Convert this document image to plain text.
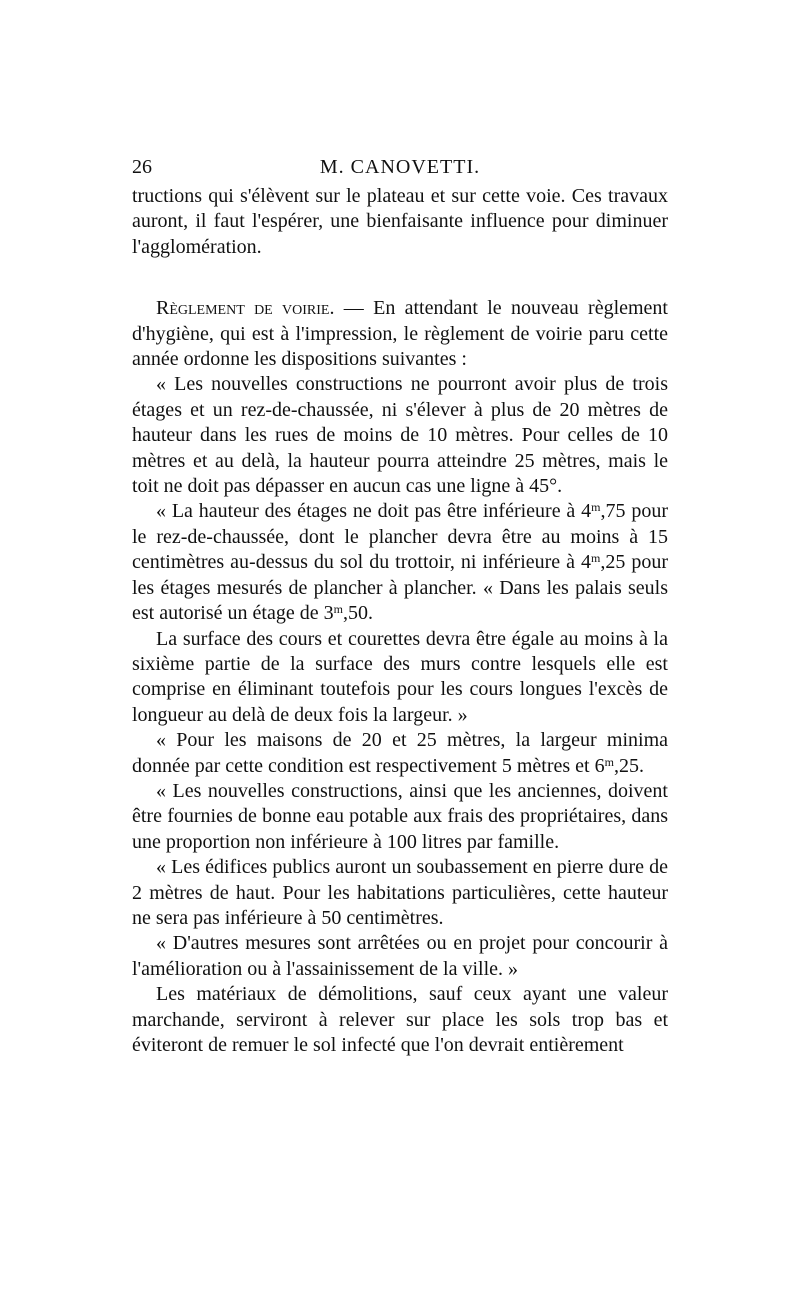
26	M. CANOVETTI.

tructions qui s'élèvent sur le plateau et sur cette voie. Ces travaux auront, il faut l'espérer, une bienfaisante influence pour diminuer l'agglomération.

Règlement de voirie. — En attendant le nouveau règlement d'hygiène, qui est à l'impression, le règlement de voirie paru cette année ordonne les dispositions suivantes :

« Les nouvelles constructions ne pourront avoir plus de trois étages et un rez-de-chaussée, ni s'élever à plus de 20 mètres de hauteur dans les rues de moins de 10 mètres. Pour celles de 10 mètres et au delà, la hauteur pourra atteindre 25 mètres, mais le toit ne doit pas dépasser en aucun cas une ligne à 45°.

« La hauteur des étages ne doit pas être inférieure à 4$^m$,75 pour le rez-de-chaussée, dont le plancher devra être au moins à 15 centimètres au-dessus du sol du trottoir, ni inférieure à 4$^m$,25 pour les étages mesurés de plancher à plancher. « Dans les palais seuls est autorisé un étage de 3$^m$,50.

La surface des cours et courettes devra être égale au moins à la sixième partie de la surface des murs contre lesquels elle est comprise en éliminant toutefois pour les cours longues l'excès de longueur au delà de deux fois la largeur. »

« Pour les maisons de 20 et 25 mètres, la largeur minima donnée par cette condition est respectivement 5 mètres et 6$^m$,25.

« Les nouvelles constructions, ainsi que les anciennes, doivent être fournies de bonne eau potable aux frais des propriétaires, dans une proportion non inférieure à 100 litres par famille.

« Les édifices publics auront un soubassement en pierre dure de 2 mètres de haut. Pour les habitations particulières, cette hauteur ne sera pas inférieure à 50 centimètres.

« D'autres mesures sont arrêtées ou en projet pour concourir à l'amélioration ou à l'assainissement de la ville. »

Les matériaux de démolitions, sauf ceux ayant une valeur marchande, serviront à relever sur place les sols trop bas et éviteront de remuer le sol infecté que l'on devrait entièrement
